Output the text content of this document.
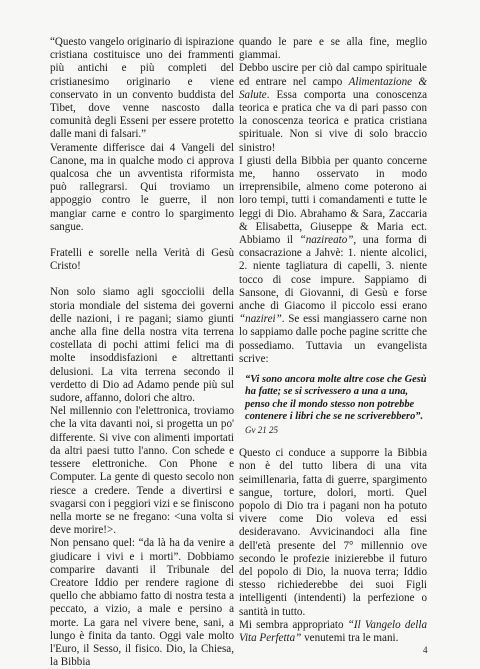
“Questo vangelo originario di ispirazione cristiana costituisce uno dei frammenti più antichi e più completi del cristianesimo originario e viene conservato in un convento buddista del Tibet, dove venne nascosto dalla comunità degli Esseni per essere protetto dalle mani di falsari.”

Veramente differisce dai 4 Vangeli del Canone, ma in qualche modo ci approva qualcosa che un avventista riformista può rallegrarsi. Qui troviamo un appoggio contro le guerre, il non mangiar carne e contro lo spargimento sangue.

Fratelli e sorelle nella Verità di Gesù Cristo!

Non solo siamo agli sgocciolii della storia mondiale del sistema dei governi delle nazioni, i re pagani; siamo giunti anche alla fine della nostra vita terrena costellata di pochi attimi felici ma di molte insoddisfazioni e altrettanti delusioni. La vita terrena secondo il verdetto di Dio ad Adamo pende più sul sudore, affanno, dolori che altro.

Nel millennio con l'elettronica, troviamo che la vita davanti noi, si progetta un po' differente. Si vive con alimenti importati da altri paesi tutto l'anno. Con schede e tessere elettroniche. Con Phone e Computer. La gente di questo secolo non riesce a credere. Tende a divertirsi e svagarsi con i peggiori vizi e se finiscono nella morte se ne fregano: <una volta si deve morire!>.

Non pensano quel: “da là ha da venire a giudicare i vivi e i morti”. Dobbiamo comparire davanti il Tribunale del Creatore Iddio per rendere ragione di quello che abbiamo fatto di nostra testa a peccato, a vizio, a male e persino a morte. La gara nel vivere bene, sani, a lungo è finita da tanto. Oggi vale molto l'Euro, il Sesso, il fisico. Dio, la Chiesa, la Bibbia

quando le pare e se alla fine, meglio giammai.

Debbo uscire per ciò dal campo spirituale ed entrare nel campo Alimentazione & Salute. Essa comporta una conoscenza teorica e pratica che va di pari passo con la conoscenza teorica e pratica cristiana spirituale. Non si vive di solo braccio sinistro!

I giusti della Bibbia per quanto concerne me, hanno osservato in modo irreprensibile, almeno come poterono ai loro tempi, tutti i comandamenti e tutte le leggi di Dio. Abrahamo & Sara, Zaccaria & Elisabetta, Giuseppe & Maria ect. Abbiamo il “nazireato”, una forma di consacrazione a Jahvè: 1. niente alcolici, 2. niente tagliatura di capelli, 3. niente tocco di cose impure. Sappiamo di Sansone, di Giovanni, di Gesù e forse anche di Giacomo il piccolo essi erano “nazirei”. Se essi mangiassero carne non lo sappiamo dalle poche pagine scritte che possediamo. Tuttavia un evangelista scrive:

“Vi sono ancora molte altre cose che Gesù ha fatte; se si scrivessero a una a una, penso che il mondo stesso non potrebbe contenere i libri che se ne scriverebbero”. Gv 21 25

Questo ci conduce a supporre la Bibbia non è del tutto libera di una vita seimillenaria, fatta di guerre, spargimento sangue, torture, dolori, morti. Quel popolo di Dio tra i pagani non ha potuto vivere come Dio voleva ed essi desideravano. Avvicinandoci alla fine dell'età presente del 7° millennio ove secondo le profezie inizierebbe il futuro del popolo di Dio, la nuova terra; Iddio stesso richiederebbe dei suoi Figli intelligenti (intendenti) la perfezione o santità in tutto.

Mi sembra appropriato “Il Vangelo della Vita Perfetta” venutemi tra le mani.

4
